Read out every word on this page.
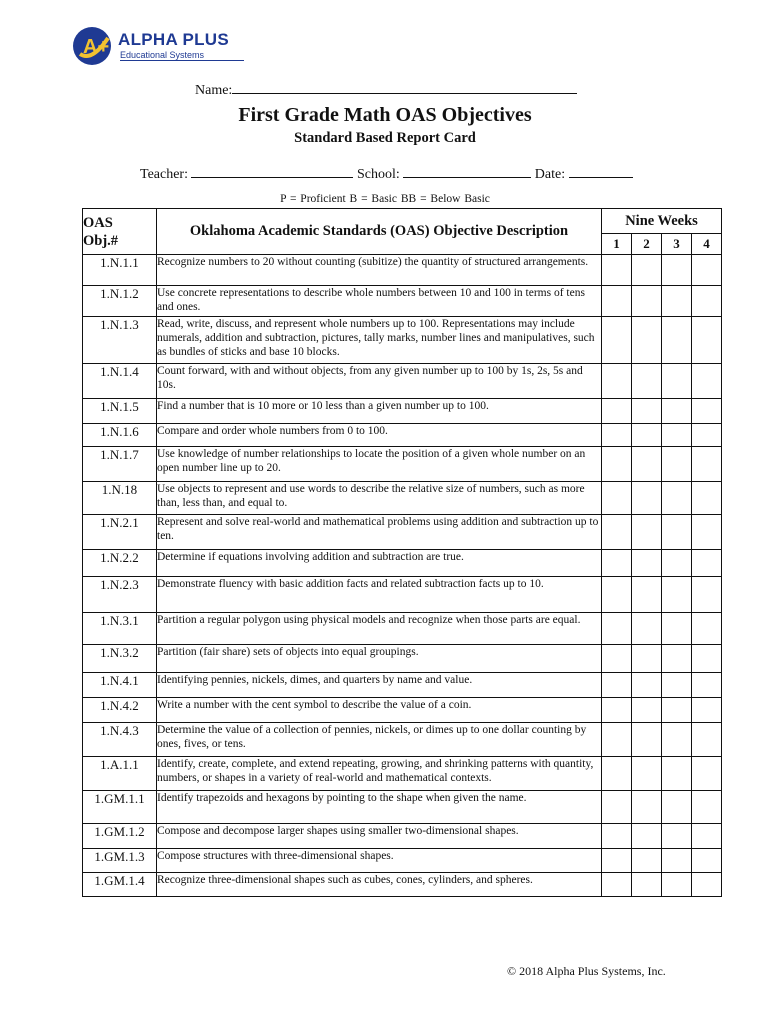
A+ ALPHA PLUS
Educational Systems
Name:
First Grade Math OAS Objectives
Standard Based Report Card
Teacher:	School:	Date:
P = Proficient B = Basic BB = Below Basic
OAS
Obj.#	Oklahoma Academic Standards (OAS) Objective Description	Nine Weeks			
		1	2	3	4
1.N.1.1	Recognize numbers to 20 without counting (subitize) the quantity of structured arrangements.				
1.N.1.2	Use concrete representations to describe whole numbers between 10 and 100 in terms of tens and ones.				
1.N.1.3	Read, write, discuss, and represent whole numbers up to 100. Representations may include numerals, addition and subtraction, pictures, tally marks, number lines and manipulatives, such as bundles of sticks and base 10 blocks.				
1.N.1.4	Count forward, with and without objects, from any given number up to 100 by 1s, 2s, 5s and 10s.				
1.N.1.5	Find a number that is 10 more or 10 less than a given number up to 100.				
1.N.1.6	Compare and order whole numbers from 0 to 100.				
1.N.1.7	Use knowledge of number relationships to locate the position of a given whole number on an open number line up to 20.				
1.N.18	Use objects to represent and use words to describe the relative size of numbers, such as more than, less than, and equal to.				
1.N.2.1	Represent and solve real-world and mathematical problems using addition and subtraction up to ten.				
1.N.2.2	Determine if equations involving addition and subtraction are true.				
1.N.2.3	Demonstrate fluency with basic addition facts and related subtraction facts up to 10.				
1.N.3.1	Partition a regular polygon using physical models and recognize when those parts are equal.				
1.N.3.2	Partition (fair share) sets of objects into equal groupings.				
1.N.4.1	Identifying pennies, nickels, dimes, and quarters by name and value.				
1.N.4.2	Write a number with the cent symbol to describe the value of a coin.				
1.N.4.3	Determine the value of a collection of pennies, nickels, or dimes up to one dollar counting by ones, fives, or tens.				
1.A.1.1	Identify, create, complete, and extend repeating, growing, and shrinking patterns with quantity, numbers, or shapes in a variety of real-world and mathematical contexts.				
1.GM.1.1	Identify trapezoids and hexagons by pointing to the shape when given the name.				
1.GM.1.2	Compose and decompose larger shapes using smaller two-dimensional shapes.				
1.GM.1.3	Compose structures with three-dimensional shapes.				
1.GM.1.4	Recognize three-dimensional shapes such as cubes, cones, cylinders, and spheres.				
© 2018 Alpha Plus Systems, Inc.
